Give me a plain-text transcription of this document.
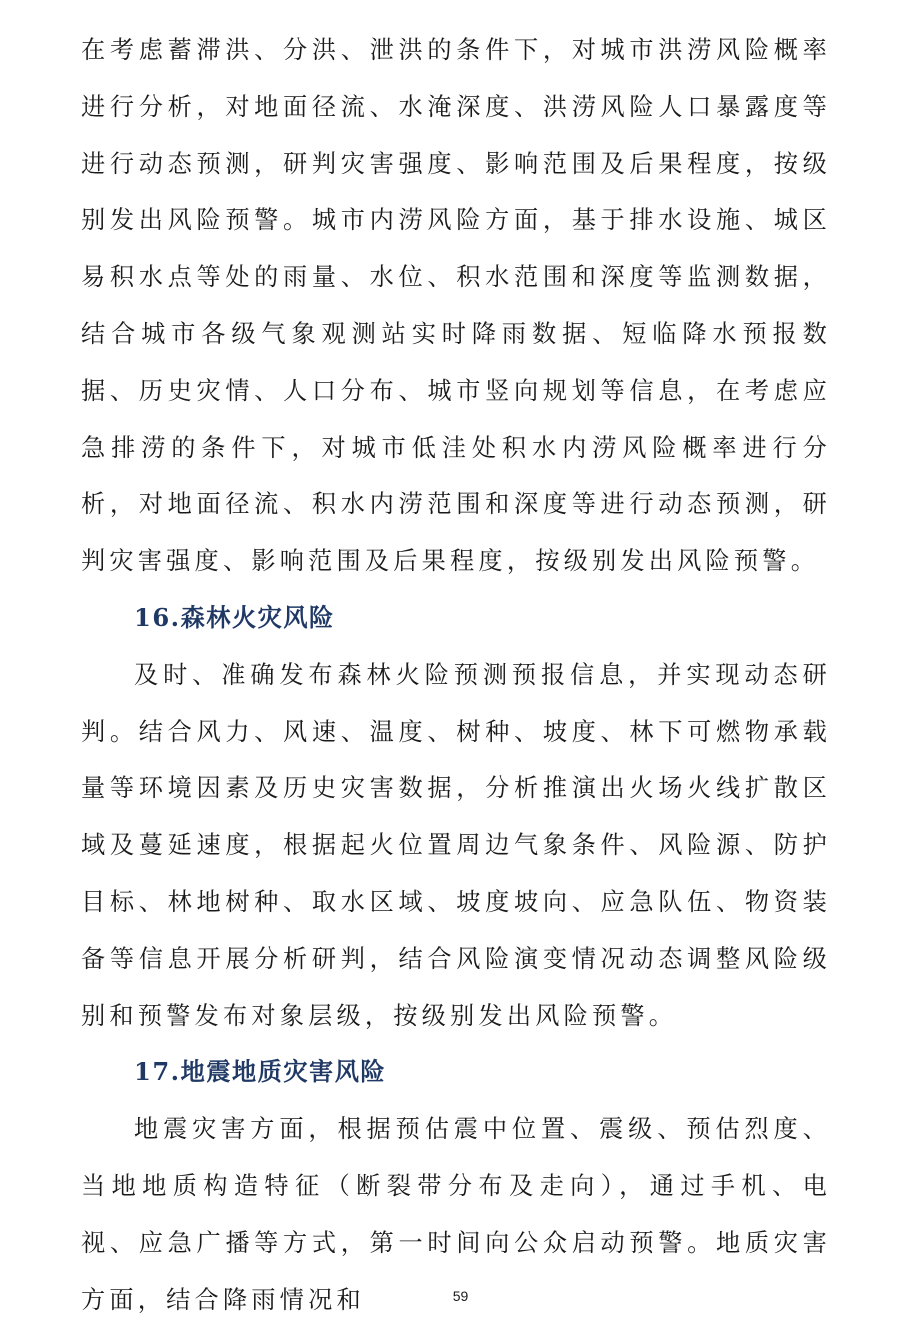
在考虑蓄滞洪、分洪、泄洪的条件下，对城市洪涝风险概率进行分析，对地面径流、水淹深度、洪涝风险人口暴露度等进行动态预测，研判灾害强度、影响范围及后果程度，按级别发出风险预警。城市内涝风险方面，基于排水设施、城区易积水点等处的雨量、水位、积水范围和深度等监测数据，结合城市各级气象观测站实时降雨数据、短临降水预报数据、历史灾情、人口分布、城市竖向规划等信息，在考虑应急排涝的条件下，对城市低洼处积水内涝风险概率进行分析，对地面径流、积水内涝范围和深度等进行动态预测，研判灾害强度、影响范围及后果程度，按级别发出风险预警。

16.森林火灾风险

及时、准确发布森林火险预测预报信息，并实现动态研判。结合风力、风速、温度、树种、坡度、林下可燃物承载量等环境因素及历史灾害数据，分析推演出火场火线扩散区域及蔓延速度，根据起火位置周边气象条件、风险源、防护目标、林地树种、取水区域、坡度坡向、应急队伍、物资装备等信息开展分析研判，结合风险演变情况动态调整风险级别和预警发布对象层级，按级别发出风险预警。

17.地震地质灾害风险

地震灾害方面，根据预估震中位置、震级、预估烈度、当地地质构造特征（断裂带分布及走向），通过手机、电视、应急广播等方式，第一时间向公众启动预警。地质灾害方面，结合降雨情况和	59
